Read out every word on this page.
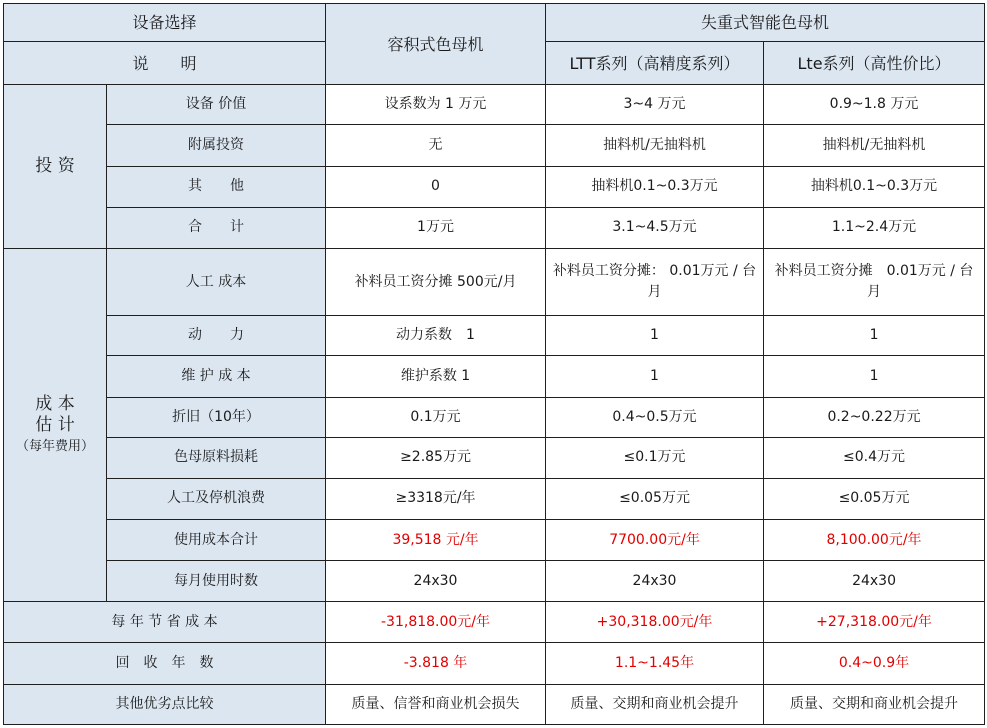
设备选择		容积式色母机	失重式智能色母机	
说　　明			LTT系列（高精度系列）	Lte系列（高性价比）
投 资	设备 价值	设系数为 1 万元	3~4 万元	0.9~1.8 万元
	附属投资	无	抽料机/无抽料机	抽料机/无抽料机
	其　　他	0	抽料机0.1~0.3万元	抽料机0.1~0.3万元
	合　　计	1万元	3.1~4.5万元	1.1~2.4万元

成 本
估 计
（每年费用）	人工 成本	补料员工资分摊 500元/月	补料员工资分摊： 0.01万元 / 台月	补料员工资分摊　0.01万元 / 台月
	动　　力	动力系数　1	1	1
	维 护 成 本	维护系数 1	1	1
	折旧（10年）	0.1万元	0.4~0.5万元	0.2~0.22万元
	色母原料损耗	≥2.85万元	≤0.1万元	≤0.4万元
	人工及停机浪费	≥3318元/年	≤0.05万元	≤0.05万元
	使用成本合计	39,518 元/年	7700.00元/年	8,100.00元/年
	每月使用时数	24x30	24x30	24x30
每 年 节 省 成 本		-31,818.00元/年	+30,318.00元/年	+27,318.00元/年
回　收　年　数		-3.818 年	1.1~1.45年	0.4~0.9年
其他优劣点比较		质量、信誉和商业机会损失	质量、交期和商业机会提升	质量、交期和商业机会提升
